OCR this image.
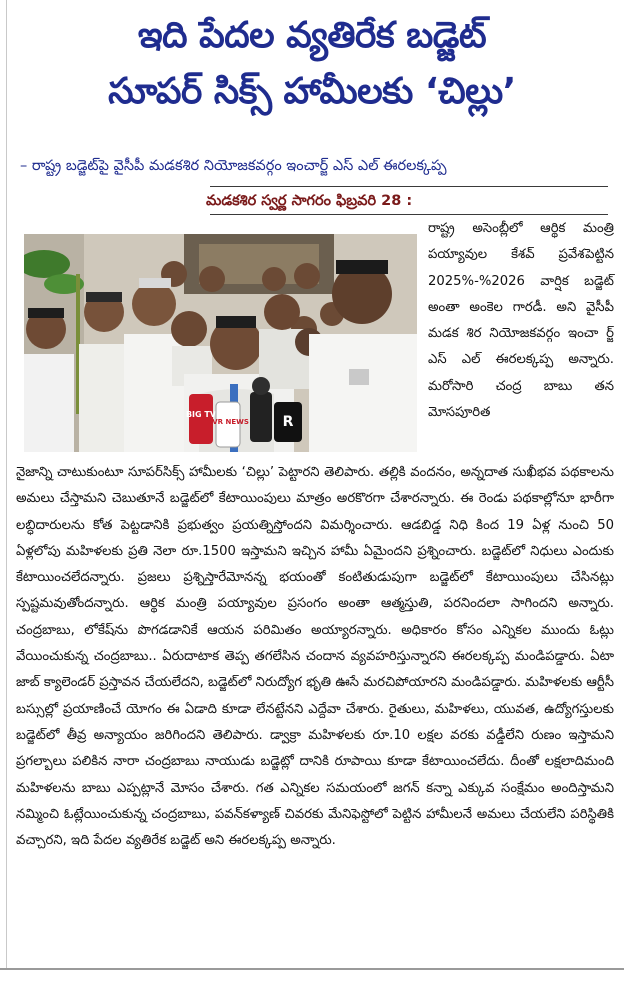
ఇది పేదల వ్యతిరేక బడ్జెట్
సూపర్ సిక్స్ హామీలకు ‘చిల్లు’
– రాష్ట్ర బడ్జెట్‌పై వైసీపీ మడకశిర నియోజకవర్గం ఇంచార్జ్ ఎస్ ఎల్ ఈరలక్కప్ప
మడకశిర స్వర్ణ సాగరం ఫిబ్రవరి 28 :
BIG TV
CVR NEWS R
రాష్ట్ర అసెంబ్లీలో ఆర్థిక మంత్రి పయ్యావుల కేశవ్ ప్రవేశపెట్టిన 2025%-%2026 వార్షిక బడ్జెట్ అంతా అంకెల గారడీ. అని వైసీపీ మడక శిర నియోజకవర్గం ఇంచా ర్జ్ ఎస్ ఎల్ ఈరలక్కప్ప అన్నారు. మరోసారి చంద్ర బాబు తన మోసపూరిత
నైజాన్ని చాటుకుంటూ సూపర్‌సిక్స్ హామీలకు ‘చిల్లు’ పెట్టారని తెలిపారు. తల్లికి వందనం, అన్నదాత సుఖీభవ పథకాలను అమలు చేస్తామని చెబుతూనే బడ్జెట్‌లో కేటాయింపులు మాత్రం అరకొరగా చేశారన్నారు. ఈ రెండు పథకాల్లోనూ భారీగా లబ్ధిదారులను కోత పెట్టడానికి ప్రభుత్వం ప్రయత్నిస్తోందని విమర్శించారు. ఆడబిడ్డ నిధి కింద 19 ఏళ్ల నుంచి 50 ఏళ్లలోపు మహిళలకు ప్రతి నెలా రూ.1500 ఇస్తామని ఇచ్చిన హామీ ఏమైందని ప్రశ్నించారు. బడ్జెట్‌లో నిధులు ఎందుకు కేటాయించలేదన్నారు. ప్రజలు ప్రశ్నిస్తారేమోనన్న భయంతో కంటితుడుపుగా బడ్జెట్‌లో కేటాయింపులు చేసినట్లు స్పష్టమవుతోందన్నారు. ఆర్థిక మంత్రి పయ్యావుల ప్రసంగం అంతా ఆత్మస్తుతి, పరనిందలా సాగిందని అన్నారు. చంద్రబాబు, లోకేష్‌ను పొగడడానికే ఆయన పరిమితం అయ్యారన్నారు. అధికారం కోసం ఎన్నికల ముందు ఓట్లు వేయించుకున్న చంద్రబాబు.. ఏరుదాటాక తెప్ప తగలేసిన చందాన వ్యవహరిస్తున్నారని ఈరలక్కప్ప మండిపడ్డారు. ఏటా జాబ్ క్యాలెండర్ ప్రస్తావన చేయలేదని, బడ్జెట్‌లో నిరుద్యోగ భృతి ఊసే మరచిపోయారని మండిపడ్డారు. మహిళలకు ఆర్టీసీ బస్సుల్లో ప్రయాణించే యోగం ఈ ఏడాది కూడా లేనట్టేనని ఎద్దేవా చేశారు. రైతులు, మహిళలు, యువత, ఉద్యోగస్తులకు బడ్జెట్‌లో తీవ్ర అన్యాయం జరిగిందని తెలిపారు. డ్వాక్రా మహిళలకు రూ.10 లక్షల వరకు వడ్డీలేని రుణం ఇస్తామని ప్రగల్బాలు పలికిన నారా చంద్రబాబు నాయుడు బడ్జెట్లో దానికి రూపాయి కూడా కేటాయించలేదు. దీంతో లక్షలాదిమంది మహిళలను బాబు ఎప్పట్లానే మోసం చేశారు. గత ఎన్నికల సమయంలో జగన్ కన్నా ఎక్కువ సంక్షేమం అందిస్తామని నమ్మించి ఓట్లేయించుకున్న చంద్రబాబు, పవన్‌కళ్యాణ్ చివరకు మేనిఫెస్టోలో పెట్టిన హామీలనే అమలు చేయలేని పరిస్థితికి వచ్చారని, ఇది పేదల వ్యతిరేక బడ్జెట్ అని ఈరలక్కప్ప అన్నారు.
